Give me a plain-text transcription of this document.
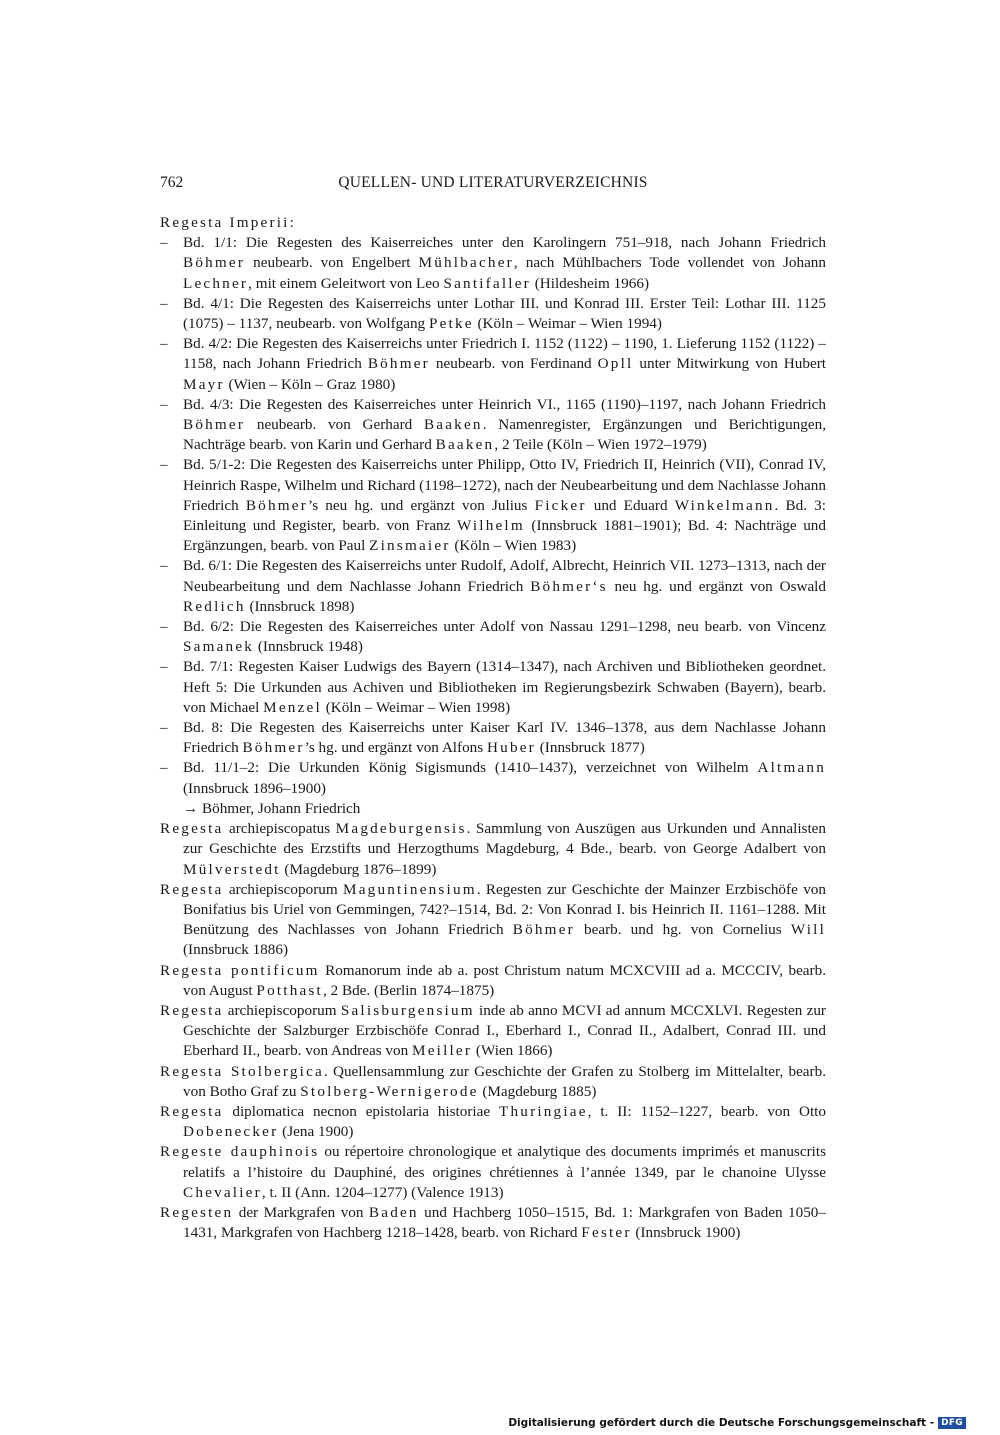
762	QUELLEN- UND LITERATURVERZEICHNIS
Regesta Imperii:
– Bd. 1/1: Die Regesten des Kaiserreiches unter den Karolingern 751–918, nach Johann Friedrich Böhmer neubearb. von Engelbert Mühlbacher, nach Mühlbachers Tode vollendet von Johann Lechner, mit einem Geleitwort von Leo Santifaller (Hildesheim 1966)
– Bd. 4/1: Die Regesten des Kaiserreichs unter Lothar III. und Konrad III. Erster Teil: Lothar III. 1125 (1075) – 1137, neubearb. von Wolfgang Petke (Köln – Weimar – Wien 1994)
– Bd. 4/2: Die Regesten des Kaiserreichs unter Friedrich I. 1152 (1122) – 1190, 1. Lieferung 1152 (1122) – 1158, nach Johann Friedrich Böhmer neubearb. von Ferdinand Opll unter Mitwirkung von Hubert Mayr (Wien – Köln – Graz 1980)
– Bd. 4/3: Die Regesten des Kaiserreiches unter Heinrich VI., 1165 (1190)–1197, nach Johann Friedrich Böhmer neubearb. von Gerhard Baaken. Namenregister, Ergänzungen und Berichtigungen, Nachträge bearb. von Karin und Gerhard Baaken, 2 Teile (Köln – Wien 1972–1979)
– Bd. 5/1-2: Die Regesten des Kaiserreichs unter Philipp, Otto IV, Friedrich II, Heinrich (VII), Conrad IV, Heinrich Raspe, Wilhelm und Richard (1198–1272), nach der Neubearbeitung und dem Nachlasse Johann Friedrich Böhmer’s neu hg. und ergänzt von Julius Ficker und Eduard Winkelmann. Bd. 3: Einleitung und Register, bearb. von Franz Wilhelm (Innsbruck 1881–1901); Bd. 4: Nachträge und Ergänzungen, bearb. von Paul Zinsmaier (Köln – Wien 1983)
– Bd. 6/1: Die Regesten des Kaiserreichs unter Rudolf, Adolf, Albrecht, Heinrich VII. 1273–1313, nach der Neubearbeitung und dem Nachlasse Johann Friedrich Böhmer‘s neu hg. und ergänzt von Oswald Redlich (Innsbruck 1898)
– Bd. 6/2: Die Regesten des Kaiserreiches unter Adolf von Nassau 1291–1298, neu bearb. von Vincenz Samanek (Innsbruck 1948)
– Bd. 7/1: Regesten Kaiser Ludwigs des Bayern (1314–1347), nach Archiven und Bibliotheken geordnet. Heft 5: Die Urkunden aus Achiven und Bibliotheken im Regierungsbezirk Schwaben (Bayern), bearb. von Michael Menzel (Köln – Weimar – Wien 1998)
– Bd. 8: Die Regesten des Kaiserreichs unter Kaiser Karl IV. 1346–1378, aus dem Nachlasse Johann Friedrich Böhmer’s hg. und ergänzt von Alfons Huber (Innsbruck 1877)
– Bd. 11/1–2: Die Urkunden König Sigismunds (1410–1437), verzeichnet von Wilhelm Altmann (Innsbruck 1896–1900)
→ Böhmer, Johann Friedrich
Regesta archiepiscopatus Magdeburgensis. Sammlung von Auszügen aus Urkunden und Annalisten zur Geschichte des Erzstifts und Herzogthums Magdeburg, 4 Bde., bearb. von George Adalbert von Mülverstedt (Magdeburg 1876–1899)
Regesta archiepiscoporum Maguntinensium. Regesten zur Geschichte der Mainzer Erzbischöfe von Bonifatius bis Uriel von Gemmingen, 742?–1514, Bd. 2: Von Konrad I. bis Heinrich II. 1161–1288. Mit Benützung des Nachlasses von Johann Friedrich Böhmer bearb. und hg. von Cornelius Will (Innsbruck 1886)
Regesta pontificum Romanorum inde ab a. post Christum natum MCXCVIII ad a. MCCCIV, bearb. von August Potthast, 2 Bde. (Berlin 1874–1875)
Regesta archiepiscoporum Salisburgensium inde ab anno MCVI ad annum MCCXLVI. Regesten zur Geschichte der Salzburger Erzbischöfe Conrad I., Eberhard I., Conrad II., Adalbert, Conrad III. und Eberhard II., bearb. von Andreas von Meiller (Wien 1866)
Regesta Stolbergica. Quellensammlung zur Geschichte der Grafen zu Stolberg im Mittelalter, bearb. von Botho Graf zu Stolberg-Wernigerode (Magdeburg 1885)
Regesta diplomatica necnon epistolaria historiae Thuringiae, t. II: 1152–1227, bearb. von Otto Dobenecker (Jena 1900)
Regeste dauphinois ou répertoire chronologique et analytique des documents imprimés et manuscrits relatifs a l’histoire du Dauphiné, des origines chrétiennes à l’année 1349, par le chanoine Ulysse Chevalier, t. II (Ann. 1204–1277) (Valence 1913)
Regesten der Markgrafen von Baden und Hachberg 1050–1515, Bd. 1: Markgrafen von Baden 1050–1431, Markgrafen von Hachberg 1218–1428, bearb. von Richard Fester (Innsbruck 1900)
Digitalisierung gefördert durch die Deutsche Forschungsgemeinschaft - DFG
